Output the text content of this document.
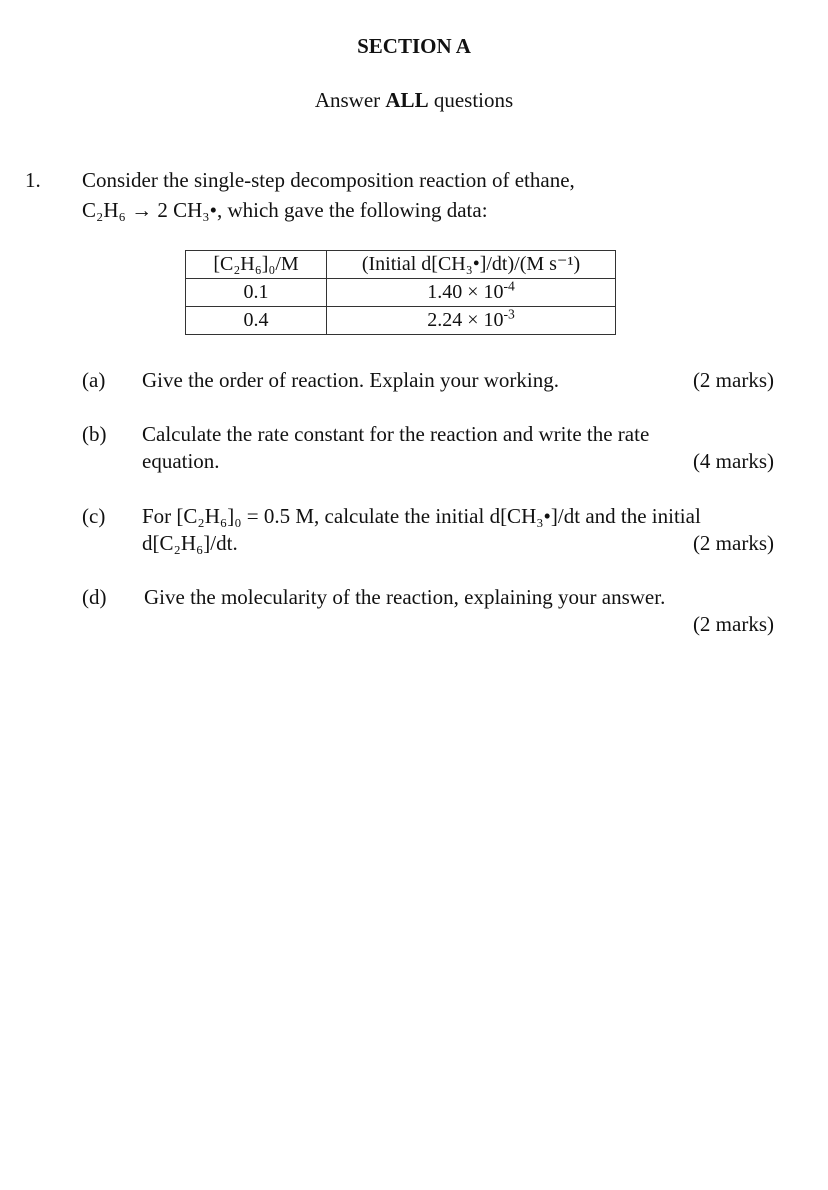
SECTION A
Answer ALL questions
1. Consider the single-step decomposition reaction of ethane,
C₂H₆ → 2 CH₃•, which gave the following data:
[C₂H₆]₀/M	(Initial d[CH₃•]/dt)/(M s⁻¹)
0.1	$1.40 \times 10^{-4}$
0.4	$2.24 \times 10^{-3}$
(a) Give the order of reaction. Explain your working.	(2 marks)
(b) Calculate the rate constant for the reaction and write the rate
equation.	(4 marks)
(c) For [C₂H₆]₀ = 0.5 M, calculate the initial d[CH₃•]/dt and the initial
d[C₂H₆]/dt.	(2 marks)
(d) Give the molecularity of the reaction, explaining your answer.
(2 marks)
